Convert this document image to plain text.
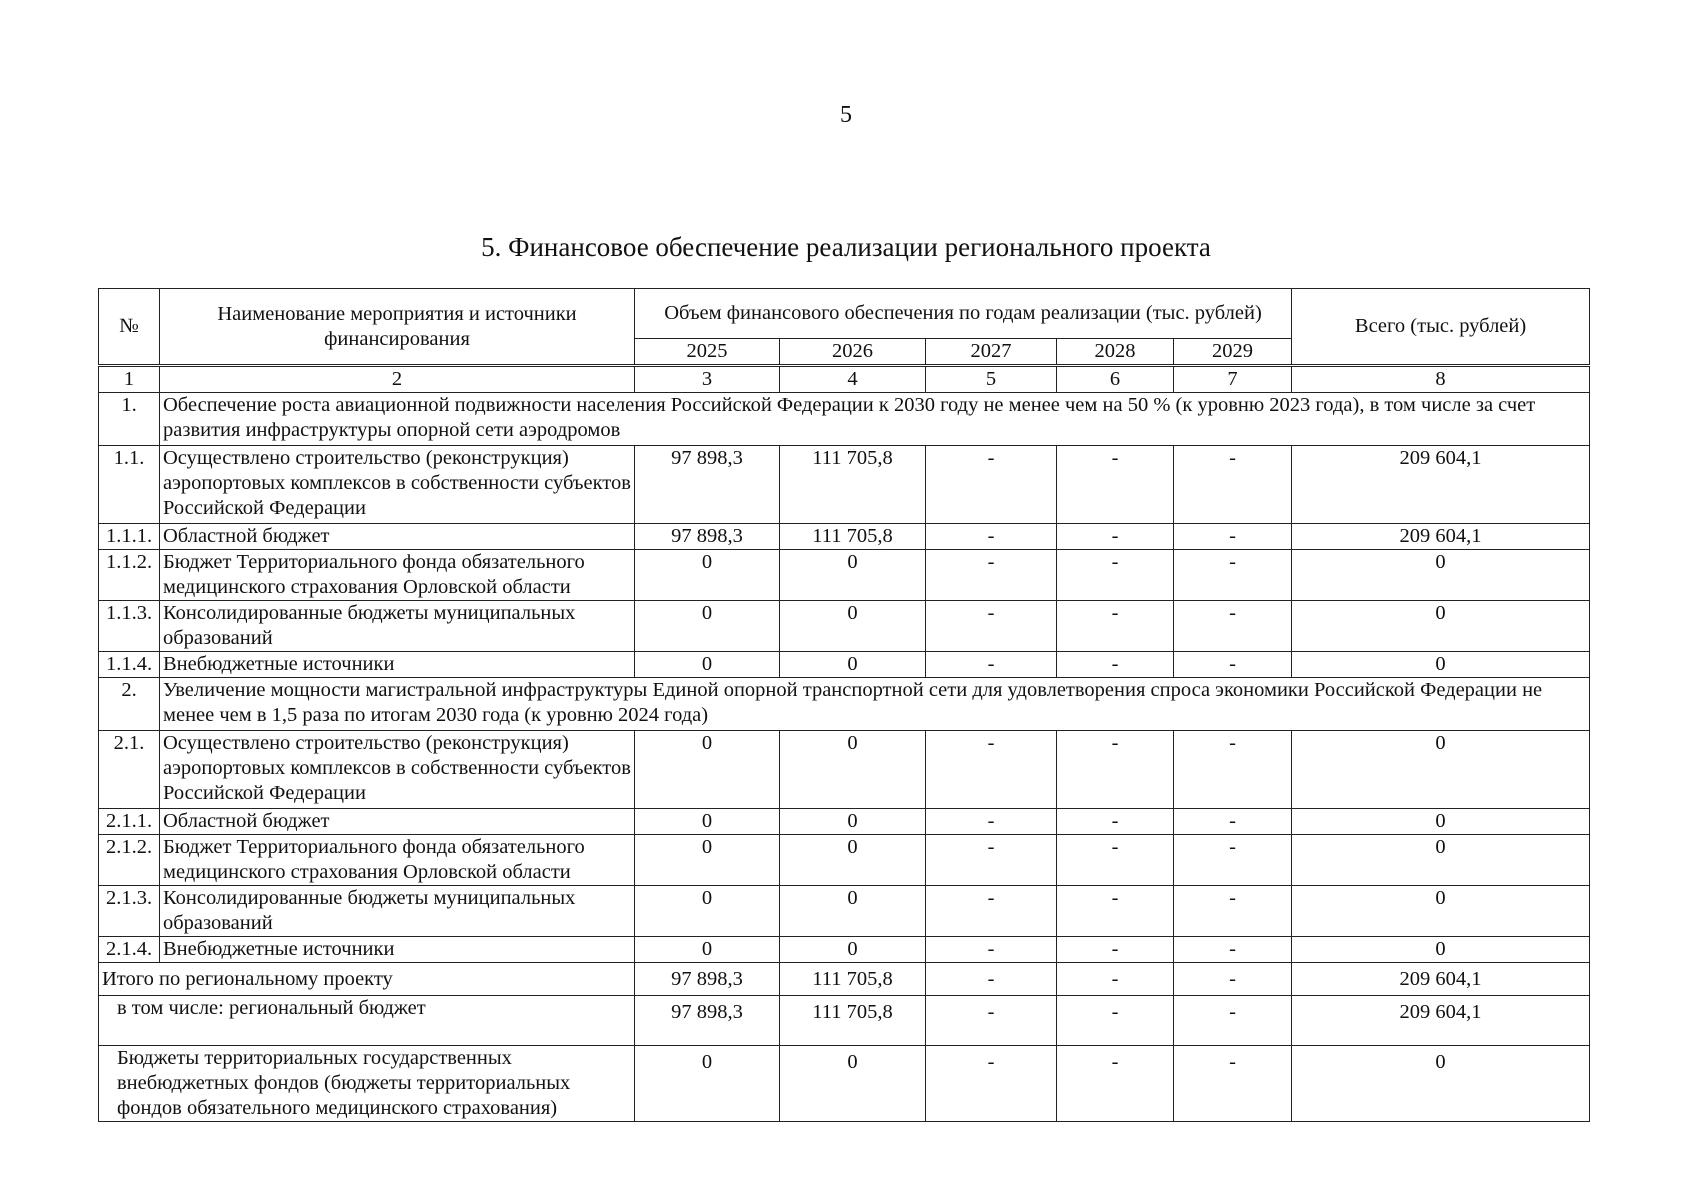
5
5. Финансовое обеспечение реализации регионального проекта
№	Наименование мероприятия и источники финансирования	Объем финансового обеспечения по годам реализации (тыс. рублей)					Всего (тыс. рублей)
		2025	2026	2027	2028	2029	
1	2	3	4	5	6	7	8
1.	Обеспечение роста авиационной подвижности населения Российской Федерации к 2030 году не менее чем на 50 % (к уровню 2023 года), в том числе за счет развития инфраструктуры опорной сети аэродромов						
1.1.	Осуществлено строительство (реконструкция) аэропортовых комплексов в собственности субъектов Российской Федерации	97 898,3	111 705,8	-	-	-	209 604,1
1.1.1.	Областной бюджет	97 898,3	111 705,8	-	-	-	209 604,1
1.1.2.	Бюджет Территориального фонда обязательного медицинского страхования Орловской области	0	0	-	-	-	0
1.1.3.	Консолидированные бюджеты муниципальных образований	0	0	-	-	-	0
1.1.4.	Внебюджетные источники	0	0	-	-	-	0
2.	Увеличение мощности магистральной инфраструктуры Единой опорной транспортной сети для удовлетворения спроса экономики Российской Федерации не менее чем в 1,5 раза по итогам 2030 года (к уровню 2024 года)						
2.1.	Осуществлено строительство (реконструкция) аэропортовых комплексов в собственности субъектов Российской Федерации	0	0	-	-	-	0
2.1.1.	Областной бюджет	0	0	-	-	-	0
2.1.2.	Бюджет Территориального фонда обязательного медицинского страхования Орловской области	0	0	-	-	-	0
2.1.3.	Консолидированные бюджеты муниципальных образований	0	0	-	-	-	0
2.1.4.	Внебюджетные источники	0	0	-	-	-	0
Итого по региональному проекту		97 898,3	111 705,8	-	-	-	209 604,1
в том числе: региональный бюджет		97 898,3	111 705,8	-	-	-	209 604,1
Бюджеты территориальных государственных внебюджетных фондов (бюджеты территориальных фондов обязательного медицинского страхования)		0	0	-	-	-	0
